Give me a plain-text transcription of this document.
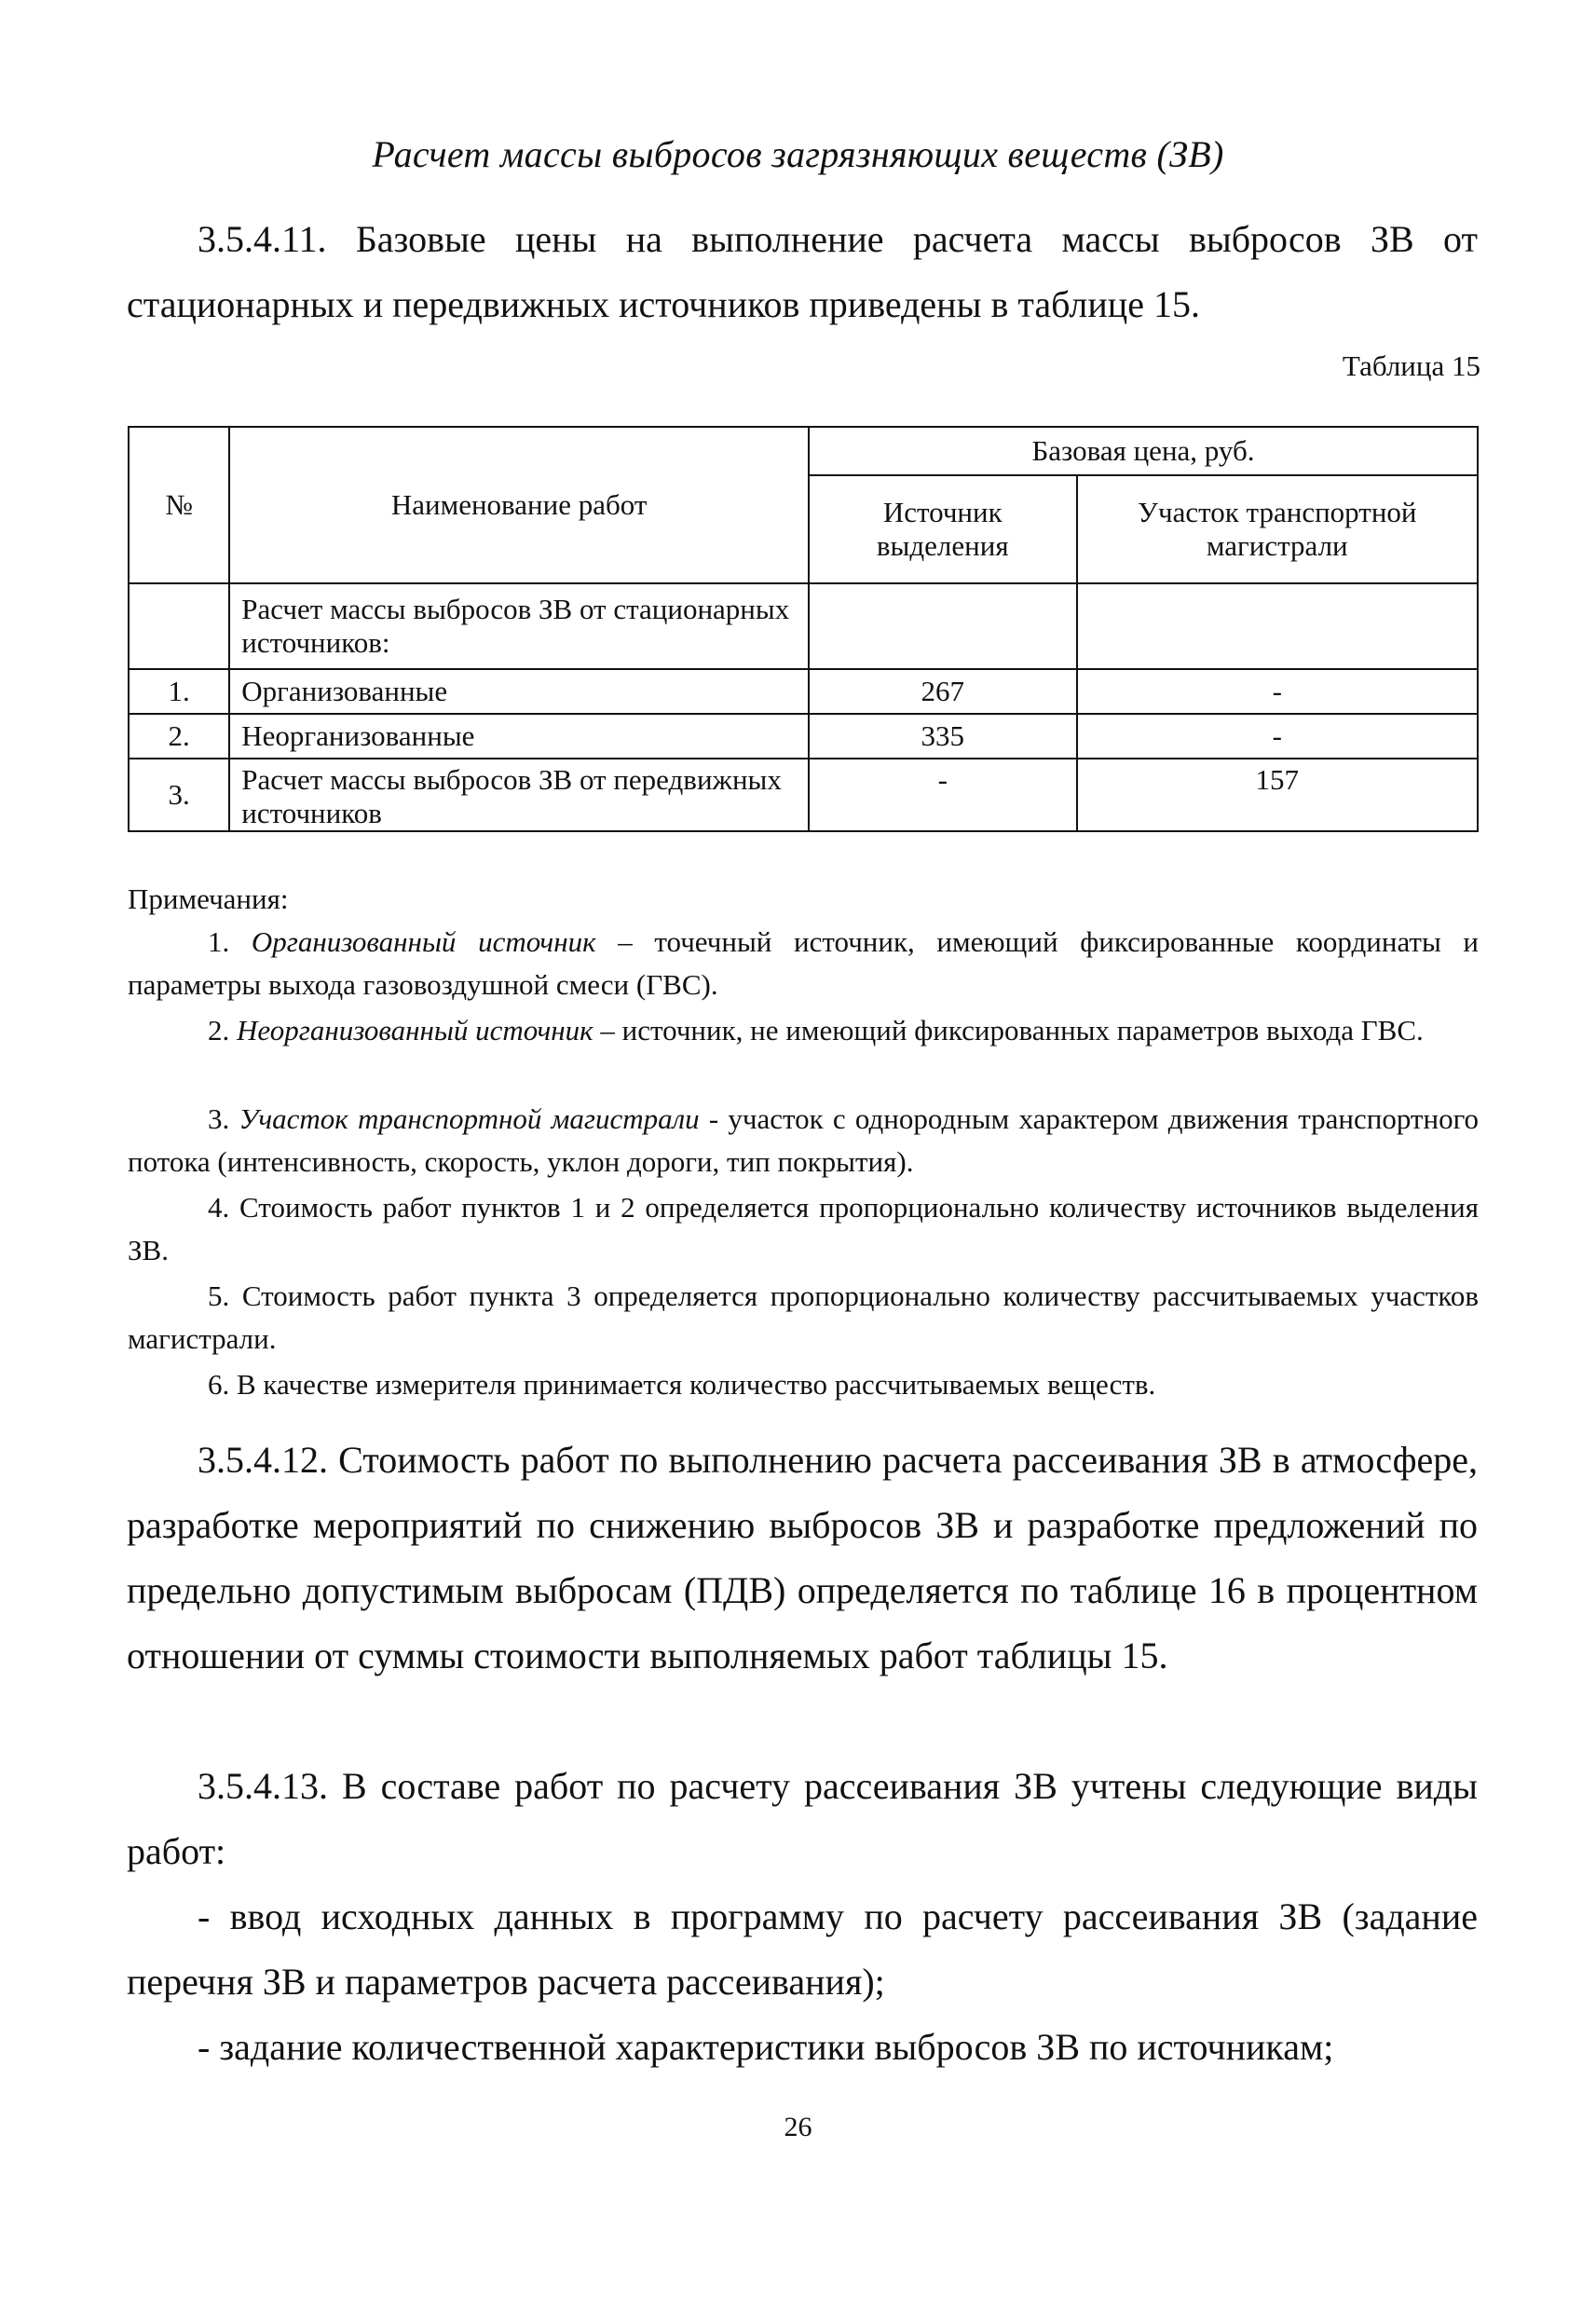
Расчет массы выбросов загрязняющих веществ (ЗВ)
3.5.4.11. Базовые цены на выполнение расчета массы выбросов ЗВ от стационарных и передвижных источников приведены в таблице 15.
Таблица 15
№	Наименование работ	Базовая цена, руб.	
		Источник выделения	Участок транспортной магистрали
	Расчет массы выбросов ЗВ от стационарных источников:		
1.	Организованные	267	-
2.	Неорганизованные	335	-
3.	Расчет массы выбросов ЗВ от передвижных источников	-	157
Примечания:
1. Организованный источник – точечный источник, имеющий фиксированные координаты и параметры выхода газовоздушной смеси (ГВС).
2. Неорганизованный источник – источник, не имеющий фиксированных параметров выхода ГВС.
3. Участок транспортной магистрали - участок с однородным характером движения транспортного потока (интенсивность, скорость, уклон дороги, тип покрытия).
4. Стоимость работ пунктов 1 и 2 определяется пропорционально количеству источников выделения ЗВ.
5. Стоимость работ пункта 3 определяется пропорционально количеству рассчитываемых участков магистрали.
6. В качестве измерителя принимается количество рассчитываемых веществ.
3.5.4.12. Стоимость работ по выполнению расчета рассеивания ЗВ в атмосфере, разработке мероприятий по снижению выбросов ЗВ и разработке предложений по предельно допустимым выбросам (ПДВ) определяется по таблице 16 в процентном отношении от суммы стоимости выполняемых работ таблицы 15.
3.5.4.13. В составе работ по расчету рассеивания ЗВ учтены следующие виды работ:
- ввод исходных данных в программу по расчету рассеивания ЗВ (задание перечня ЗВ и параметров расчета рассеивания);
- задание количественной характеристики выбросов ЗВ по источникам;
26
